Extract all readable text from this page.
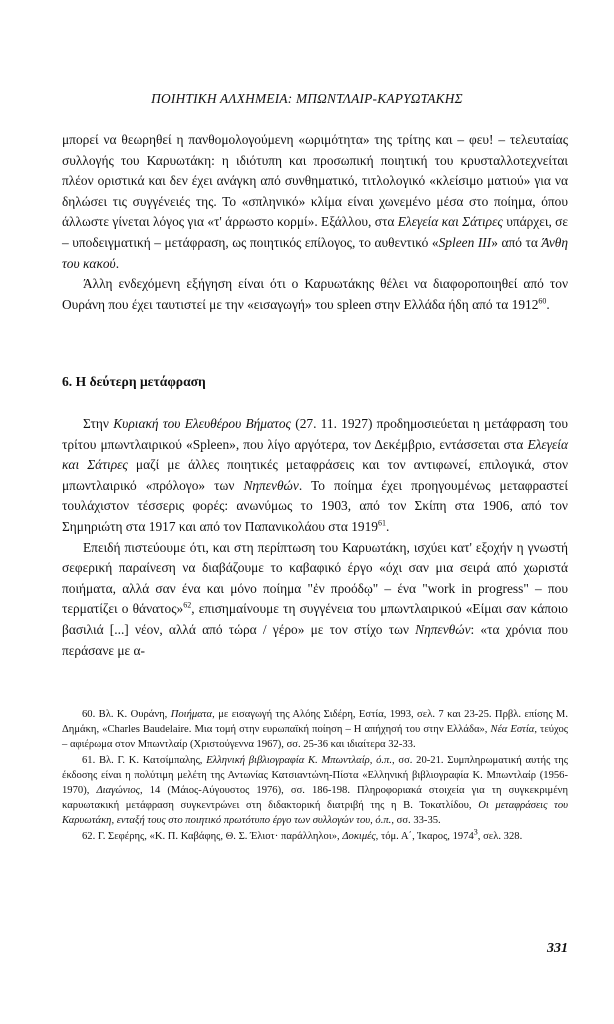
ΠΟΙΗΤΙΚΗ ΑΛΧΗΜΕΙΑ: ΜΠΩΝΤΛΑΙΡ-ΚΑΡΥΩΤΑΚΗΣ

μπορεί να θεωρηθεί η πανθομολογούμενη «ωριμότητα» της τρίτης και – φευ! – τελευταίας συλλογής του Καρυωτάκη: η ιδιότυπη και προσωπική ποιητική του κρυσταλλοτεχνείται πλέον οριστικά και δεν έχει ανάγκη από συνθηματικό, τιτλολογικό «κλείσιμο ματιού» για να δηλώσει τις συγγένειές της. Το «σπληνικό» κλίμα είναι χωνεμένο μέσα στο ποίημα, όπου άλλωστε γίνεται λόγος για «τ' άρρωστο κορμί». Εξάλλου, στα Ελεγεία και Σάτιρες υπάρχει, σε – υποδειγματική – μετάφραση, ως ποιητικός επίλογος, το αυθεντικό «Spleen III» από τα Άνθη του κακού.

Άλλη ενδεχόμενη εξήγηση είναι ότι ο Καρυωτάκης θέλει να διαφοροποιηθεί από τον Ουράνη που έχει ταυτιστεί με την «εισαγωγή» του spleen στην Ελλάδα ήδη από τα 1912$^{60}$.

6. Η δεύτερη μετάφραση

Στην Κυριακή του Ελευθέρου Βήματος (27. 11. 1927) προδημοσιεύεται η μετάφραση του τρίτου μπωντλαιρικού «Spleen», που λίγο αργότερα, τον Δεκέμβριο, εντάσσεται στα Ελεγεία και Σάτιρες μαζί με άλλες ποιητικές μεταφράσεις και τον αντιφωνεί, επιλογικά, στον μπωντλαιρικό «πρόλογο» των Νηπενθών. Το ποίημα έχει προηγουμένως μεταφραστεί τουλάχιστον τέσσερις φορές: ανωνύμως το 1903, από τον Σκίπη στα 1906, από τον Σημηριώτη στα 1917 και από τον Παπανικολάου στα 1919$^{61}$.

Επειδή πιστεύουμε ότι, και στη περίπτωση του Καρυωτάκη, ισχύει κατ' εξοχήν η γνωστή σεφερική παραίνεση να διαβάζουμε το καβαφικό έργο «όχι σαν μια σειρά από χωριστά ποιήματα, αλλά σαν ένα και μόνο ποίημα "ἐν προόδῳ" – ένα "work in progress" – που τερματίζει ο θάνατος»$^{62}$, επισημαίνουμε τη συγγένεια του μπωντλαιρικού «Είμαι σαν κάποιο βασιλιά [...] νέον, αλλά από τώρα / γέρο» με τον στίχο των Νηπενθών: «τα χρόνια που περάσανε με α-

60. Βλ. Κ. Ουράνη, Ποιήματα, με εισαγωγή της Αλόης Σιδέρη, Εστία, 1993, σελ. 7 και 23-25. Πρβλ. επίσης Μ. Δημάκη, «Charles Baudelaire. Μια τομή στην ευρωπαϊκή ποίηση – Η απήχησή του στην Ελλάδα», Νέα Εστία, τεύχος – αφιέρωμα στον Μπωντλαίρ (Χριστούγεννα 1967), σσ. 25-36 και ιδιαίτερα 32-33.

61. Βλ. Γ. Κ. Κατσίμπαλης, Ελληνική βιβλιογραφία Κ. Μπωντλαίρ, ό.π., σσ. 20-21. Συμπληρωματική αυτής της έκδοσης είναι η πολύτιμη μελέτη της Αντωνίας Κατσιαντώνη-Πίστα «Ελληνική βιβλιογραφία Κ. Μπωντλαίρ (1956-1970), Διαγώνιος, 14 (Μάιος-Αύγουστος 1976), σσ. 186-198. Πληροφοριακά στοιχεία για τη συγκεκριμένη καρυωτακική μετάφραση συγκεντρώνει στη διδακτορική διατριβή της η Β. Τοκατλίδου, Οι μεταφράσεις του Καρυωτάκη, ενταξή τους στο ποιητικό πρωτότυπο έργο των συλλογών του, ό.π., σσ. 33-35.

62. Γ. Σεφέρης, «Κ. Π. Καβάφης, Θ. Σ. Έλιοτ· παράλληλοι», Δοκιμές, τόμ. Α΄, Ίκαρος, 1974$^3$, σελ. 328.

331
